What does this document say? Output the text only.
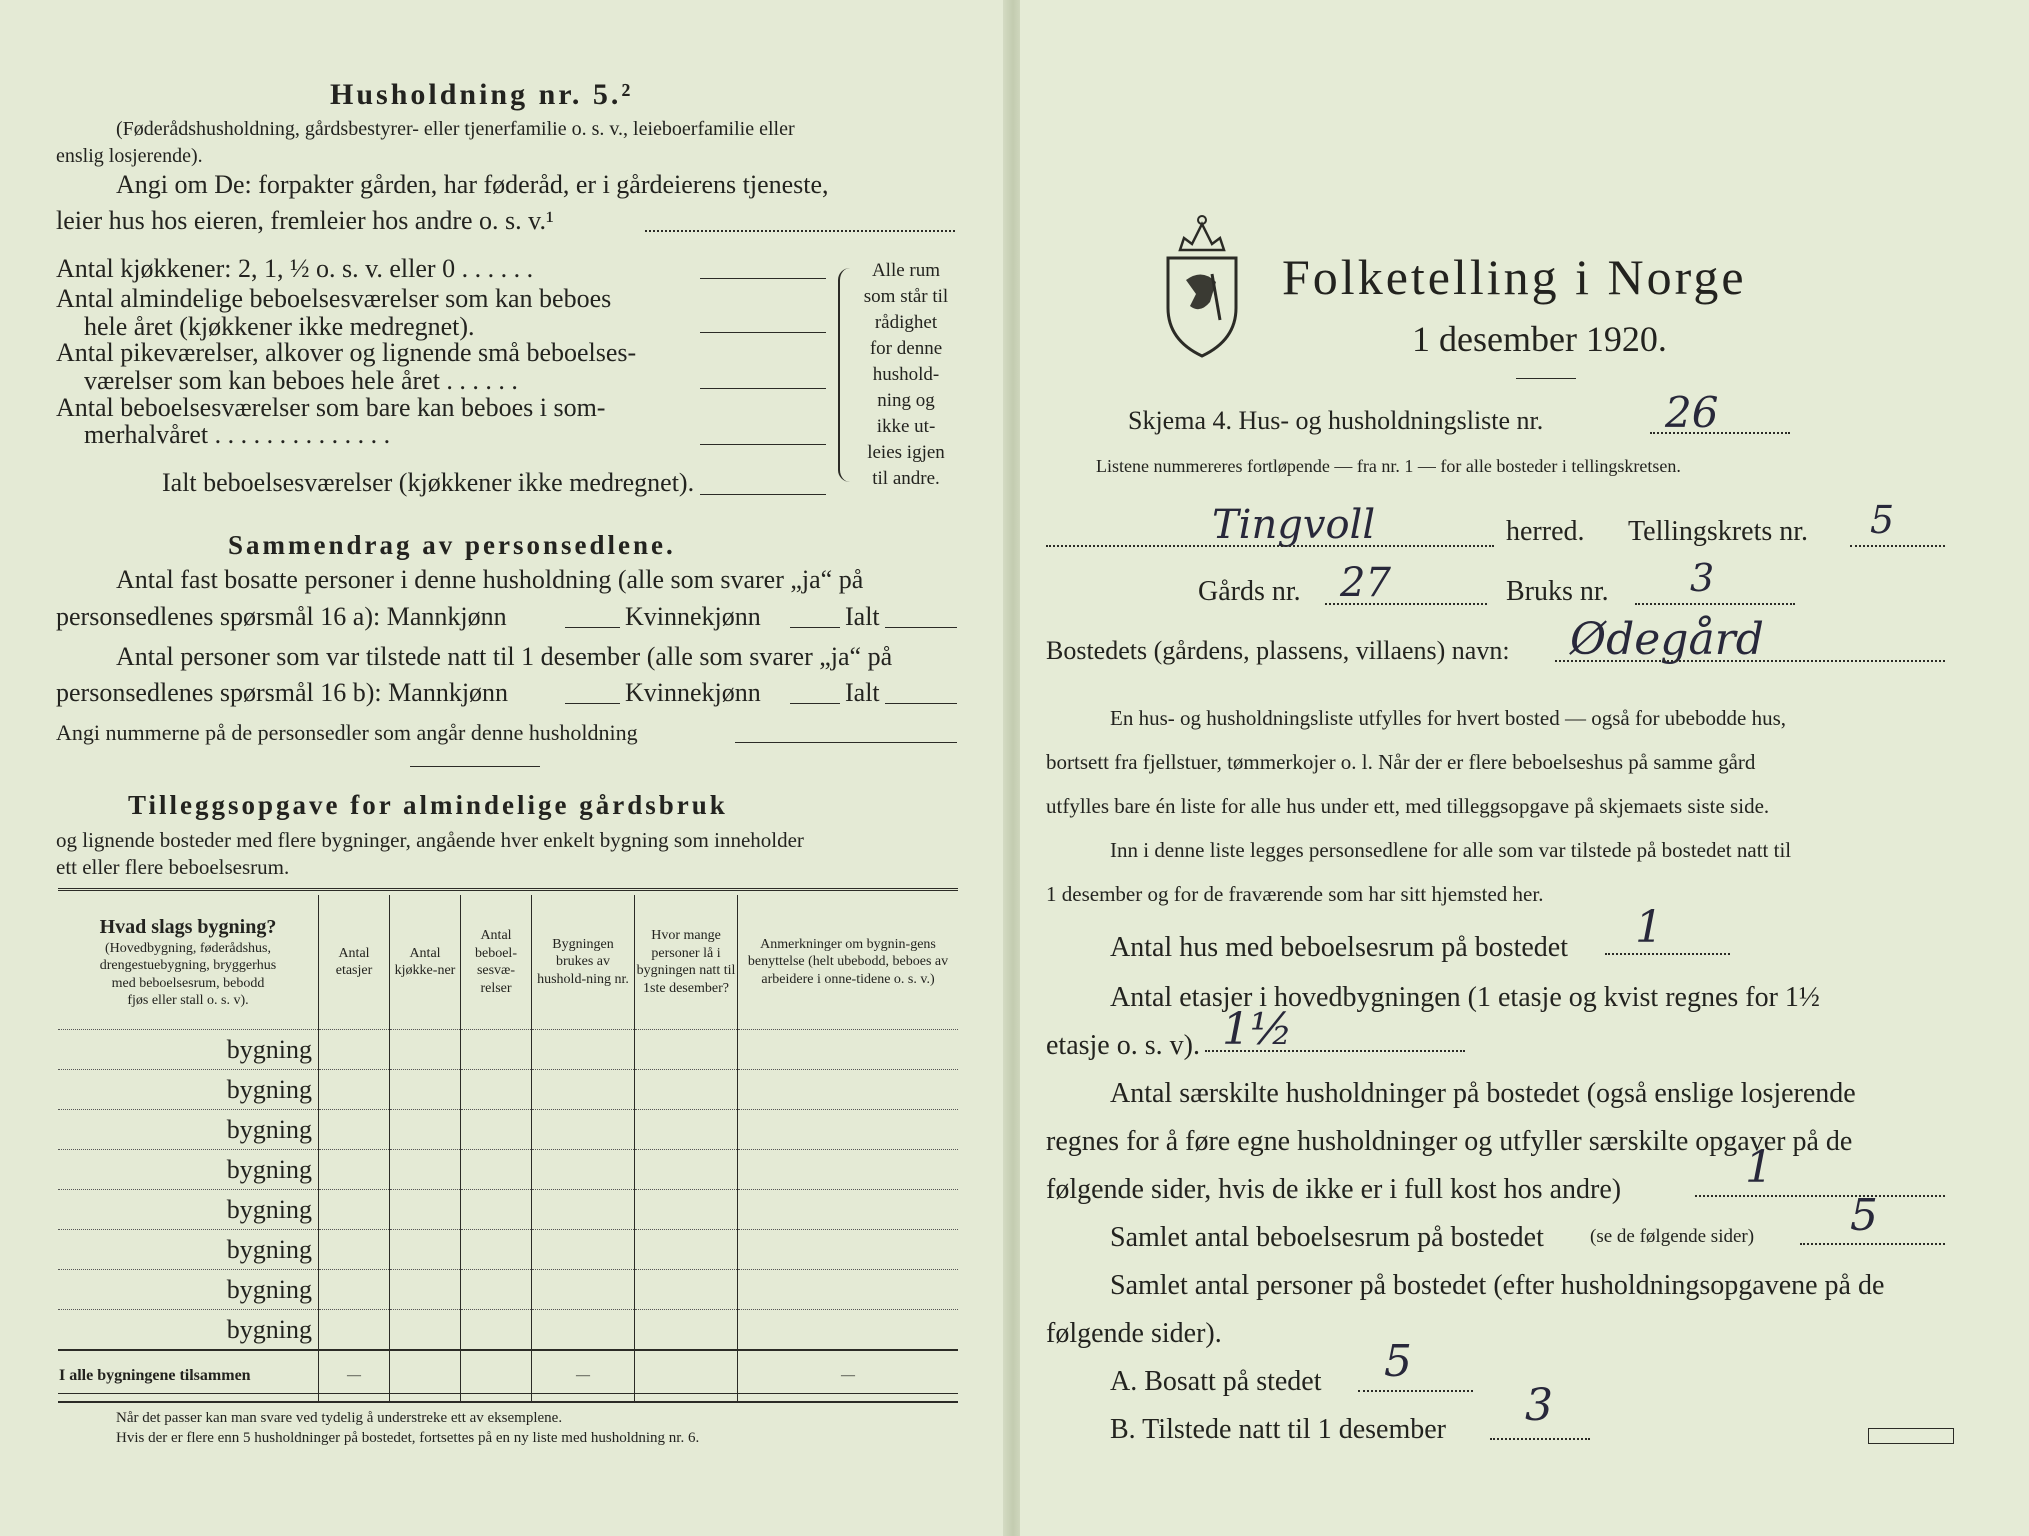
Husholdning nr. 5.²
(Føderådshusholdning, gårdsbestyrer- eller tjenerfamilie o. s. v., leieboerfamilie eller
enslig losjerende).
Angi om De: forpakter gården, har føderåd, er i gårdeierens tjeneste,
leier hus hos eieren, fremleier hos andre o. s. v.¹
Antal kjøkkener: 2, 1, ½ o. s. v. eller 0 . . . . . .
Antal almindelige beboelsesværelser som kan beboes
hele året (kjøkkener ikke medregnet).
Antal pikeværelser, alkover og lignende små beboelses-
værelser som kan beboes hele året . . . . . .
Antal beboelsesværelser som bare kan beboes i som-
merhalvåret . . . . . . . . . . . . . .
Ialt beboelsesværelser (kjøkkener ikke medregnet).
Alle rum
som står til
rådighet
for denne
hushold-
ning og
ikke ut-
leies igjen
til andre.
Sammendrag av personsedlene.
Antal fast bosatte personer i denne husholdning (alle som svarer „ja“ på
personsedlenes spørsmål 16 a): Mannkjønn	Kvinnekjønn	Ialt
Antal personer som var tilstede natt til 1 desember (alle som svarer „ja“ på
personsedlenes spørsmål 16 b): Mannkjønn	Kvinnekjønn	Ialt
Angi nummerne på de personsedler som angår denne husholdning
Tilleggsopgave for almindelige gårdsbruk
og lignende bosteder med flere bygninger, angående hver enkelt bygning som inneholder
ett eller flere beboelsesrum.
Hvad slags bygning?
(Hovedbygning, føderådshus,
drengestuebygning, bryggerhus
med beboelsesrum, bebodd
fjøs eller stall o. s. v).	Antal etasjer	Antal kjøkke-ner	Antal beboel-sesvæ-relser	Bygningen brukes av hushold-ning nr.	Hvor mange personer lå i bygningen natt til 1ste desember?	Anmerkninger om bygnin-gens benyttelse (helt ubebodd, beboes av arbeidere i onne-tidene o. s. v.)
bygning						
bygning						
bygning						
bygning						
bygning						
bygning						
bygning						
bygning						
I alle bygningene tilsammen	—			—		—
Når det passer kan man svare ved tydelig å understreke ett av eksemplene.
Hvis der er flere enn 5 husholdninger på bostedet, fortsettes på en ny liste med husholdning nr. 6.
Folketelling i Norge
1 desember 1920.
Skjema 4. Hus- og husholdningsliste nr.	26
Listene nummereres fortløpende — fra nr. 1 — for alle bosteder i tellingskretsen.
Tingvoll	herred. Tellingskrets nr. 5
Gårds nr. 27	Bruks nr. 3
Bostedets (gårdens, plassens, villaens) navn: Ødegård
En hus- og husholdningsliste utfylles for hvert bosted — også for ubebodde hus,
bortsett fra fjellstuer, tømmerkojer o. l. Når der er flere beboelseshus på samme gård
utfylles bare én liste for alle hus under ett, med tilleggsopgave på skjemaets siste side.
Inn i denne liste legges personsedlene for alle som var tilstede på bostedet natt til
1 desember og for de fraværende som har sitt hjemsted her.
Antal hus med beboelsesrum på bostedet 1
Antal etasjer i hovedbygningen (1 etasje og kvist regnes for 1½
etasje o. s. v). 1½
Antal særskilte husholdninger på bostedet (også enslige losjerende
regnes for å føre egne husholdninger og utfyller særskilte opgaver på de
følgende sider, hvis de ikke er i full kost hos andre)	1
Samlet antal beboelsesrum på bostedet (se de følgende sider) 5
Samlet antal personer på bostedet (efter husholdningsopgavene på de
følgende sider).
A. Bosatt på stedet 5
B. Tilstede natt til 1 desember 3
